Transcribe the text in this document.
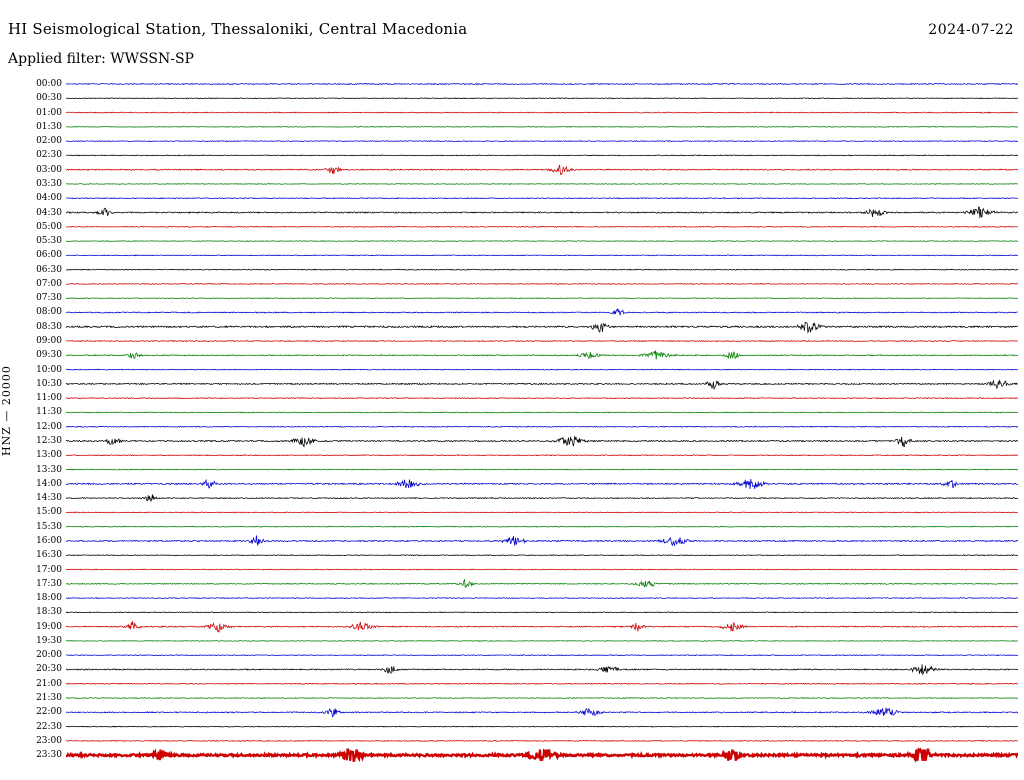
HI Seismological Station, Thessaloniki, Central Macedonia	2024-07-22
Applied filter: WWSSN-SP
HNZ — 20000
00:00
00:30
01:00
01:30
02:00
02:30
03:00
03:30
04:00
04:30
05:00
05:30
06:00
06:30
07:00
07:30
08:00
08:30
09:00
09:30
10:00
10:30
11:00
11:30
12:00
12:30
13:00
13:30
14:00
14:30
15:00
15:30
16:00
16:30
17:00
17:30
18:00
18:30
19:00
19:30
20:00
20:30
21:00
21:30
22:00
22:30
23:00
23:30
